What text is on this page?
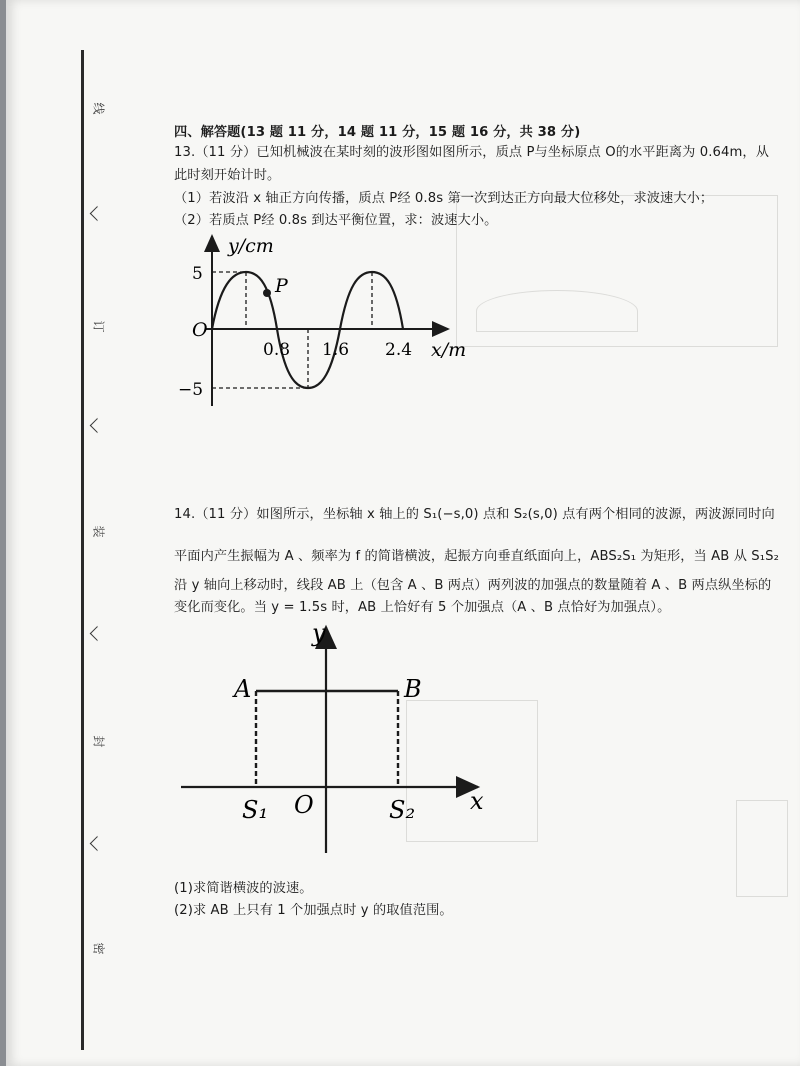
线
订
装
封
密
四、解答题(13 题 11 分，14 题 11 分，15 题 16 分，共 38 分)
13.（11 分）已知机械波在某时刻的波形图如图所示，质点 P与坐标原点 O的水平距离为 0.64m，从
此时刻开始计时。
（1）若波沿 x 轴正方向传播，质点 P经 0.8s 第一次到达正方向最大位移处，求波速大小；
（2）若质点 P经 0.8s 到达平衡位置，求：波速大小。
y/cm
x/m
O
P
5
−5
0.8 1.6 2.4
14.（11 分）如图所示，坐标轴 x 轴上的 S₁(−s,0) 点和 S₂(s,0) 点有两个相同的波源，两波源同时向
平面内产生振幅为 A 、频率为 f 的简谐横波，起振方向垂直纸面向上，ABS₂S₁ 为矩形，当 AB 从 S₁S₂
沿 y 轴向上移动时，线段 AB 上（包含 A 、B 两点）两列波的加强点的数量随着 A 、B 两点纵坐标的
变化而变化。当 y = 1.5s 时，AB 上恰好有 5 个加强点（A 、B 点恰好为加强点）。
y
x
A	B
S₁ O	S₂
(1)求简谐横波的波速。
(2)求 AB 上只有 1 个加强点时 y 的取值范围。
